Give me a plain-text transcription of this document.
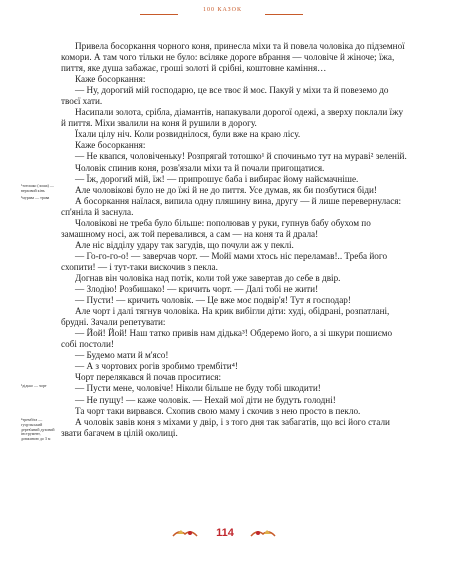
100 КАЗОК

Привела босоркання чорного коня, принесла міхи та й повела чоловіка до підземної комори. А там чого тільки не було: всіляке дороге вбрання — чоловіче й жіноче; їжа, пиття, яке душа забажає, гроші золоті й срібні, коштовне каміння…

Каже босоркання:

— Ну, дорогий мій господарю, це все твоє й моє. Пакуй у міхи та й повеземо до твоєї хати.

Насипали золота, срібла, діамантів, напакували дорогої одежі, а зверху поклали їжу й пиття. Міхи звалили на коня й рушили в дорогу.

Їхали цілу ніч. Коли розвиднілося, були вже на краю лісу.

Каже босоркання:

— Не квапся, чоловіченьку! Розпрягай тотошко¹ й спочиньмо тут на мураві² зеленій.

Чоловік спинив коня, розв'язали міхи та й почали пригощатися.

— Їж, дорогий мій, їж! — припрошує баба і вибирає йому найсмачніше.

Але чоловікові було не до їжі й не до пиття. Усе думав, як би позбутися біди!

А босоркання наїлася, випила одну пляшину вина, другу — й лише перевернулася: сп'яніла й заснула.

Чоловікові не треба було більше: пополював у руки, гупнув бабу обухом по замашному носі, аж той перевалився, а сам — на коня та й драла!

Але ніс відділу удару так загудів, що почули аж у пеклі.

— Го-го-го-о! — заверчав чорт. — Мойї мами хтось ніс переламав!.. Треба його схопити! — і тут-таки вискочив з пекла.

Догнав він чоловіка над потік, коли той уже завертав до себе в двір.

— Злодію! Розбишако! — кричить чорт. — Далі тобі не жити!

— Пусти! — кричить чоловік. — Це вже моє подвір'я! Тут я господар!

Але чорт і далі тягнув чоловіка. На крик вибігли діти: худі, обідрані, розпатлані, брудні. Зачали репетувати:

— Йой! Йой! Наш татко привів нам дідька³! Обдеремо його, а зі шкури пошиємо собі постоли!

— Будемо мати й м'ясо!

— А з чортових рогів зробимо трембіти⁴!

Чорт перелякався й почав проситися:

— Пусти мене, чоловіче! Ніколи більше не буду тобі шкодити!

— Не пущу! — каже чоловік. — Нехай мої діти не будуть голодні!

Та чорт таки вирвався. Схопив свою маму і скочив з нею просто в пекло.

А чоловік завів коня з міхами у двір, і з того дня так забагатів, що всі його стали звати багачем в цілій околиці.

¹тотошко (лоша) — верховий кінь
²мурава — трава
³дідько — чорт
⁴трембіта — гуцульський дерев'яний духовий інструмент, довжиною до 3 м
114
